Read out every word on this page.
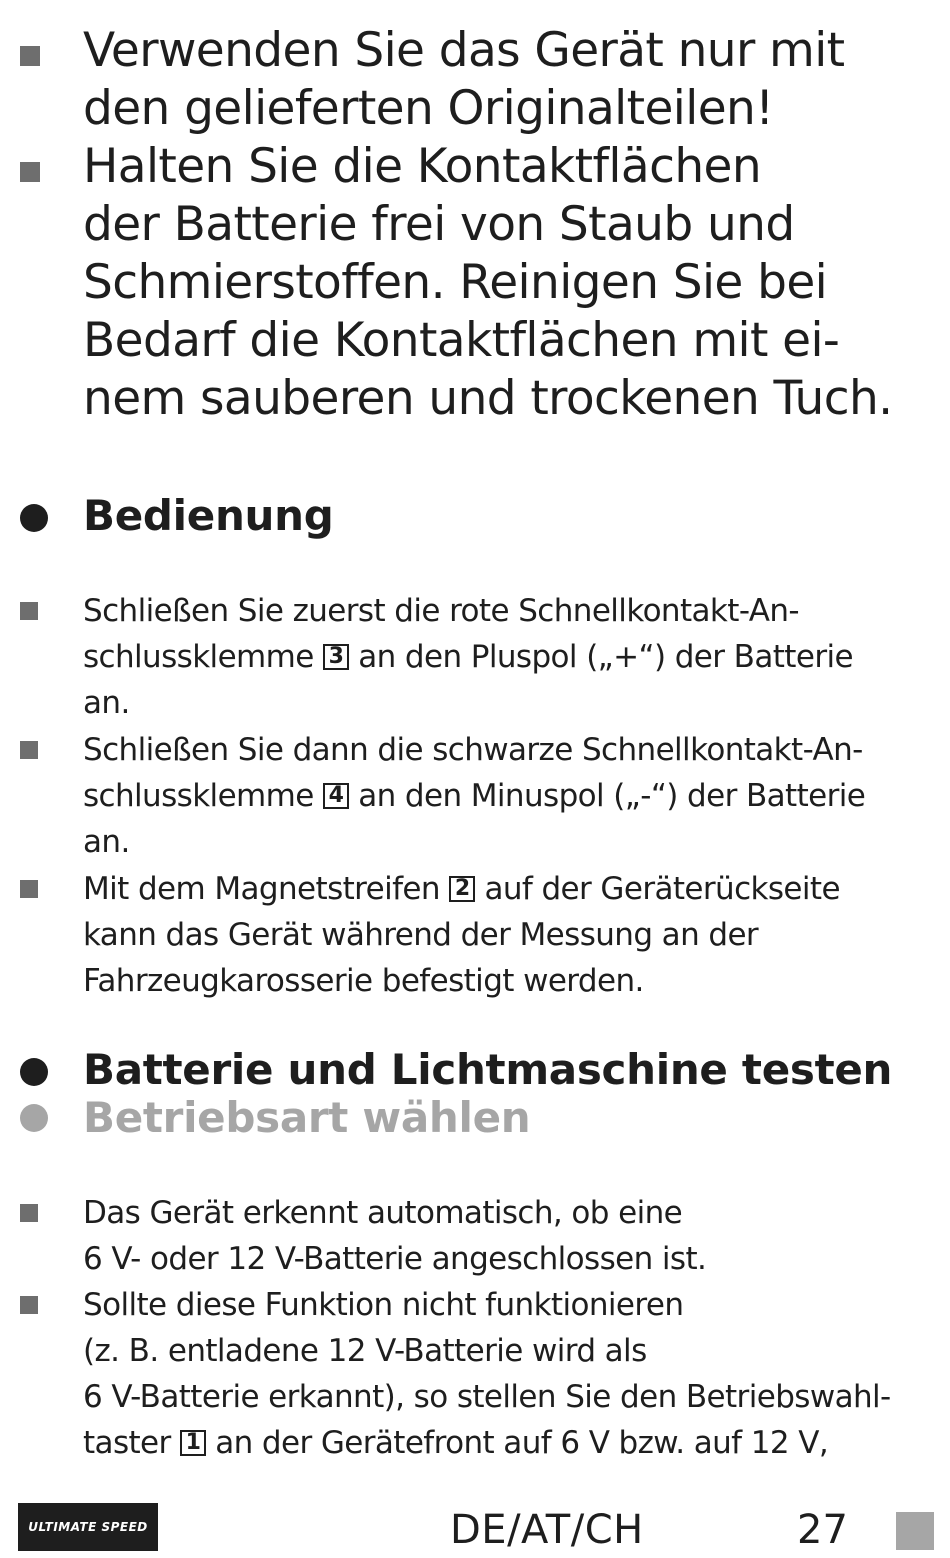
Verwenden Sie das Gerät nur mit
den gelieferten Originalteilen!
Halten Sie die Kontaktflächen
der Batterie frei von Staub und
Schmierstoffen. Reinigen Sie bei
Bedarf die Kontaktflächen mit ei-
nem sauberen und trockenen Tuch.
Bedienung
Schließen Sie zuerst die rote Schnellkontakt-An-
schlussklemme 3 an den Pluspol („+“) der Batterie
an.
Schließen Sie dann die schwarze Schnellkontakt-An-
schlussklemme 4 an den Minuspol („-“) der Batterie
an.
Mit dem Magnetstreifen 2 auf der Geräterückseite
kann das Gerät während der Messung an der
Fahrzeugkarosserie befestigt werden.
Batterie und Lichtmaschine testen
Betriebsart wählen
Das Gerät erkennt automatisch, ob eine
6 V- oder 12 V-Batterie angeschlossen ist.
Sollte diese Funktion nicht funktionieren
(z. B. entladene 12 V-Batterie wird als
6 V-Batterie erkannt), so stellen Sie den Betriebswahl-
taster 1 an der Gerätefront auf 6 V bzw. auf 12 V,
ULTIMATE SPEED	DE/AT/CH	27
